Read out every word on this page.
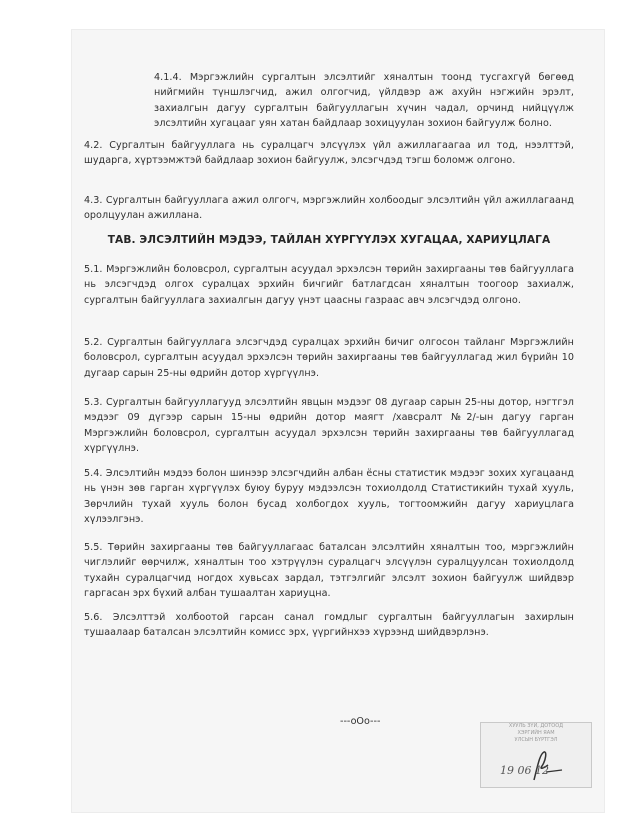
4.1.4. Мэргэжлийн сургалтын элсэлтийг хяналтын тоонд тусгахгүй бөгөөд нийгмийн түншлэгчид, ажил олгогчид, үйлдвэр аж ахуйн нэгжийн эрэлт, захиалгын дагуу сургалтын байгууллагын хүчин чадал, орчинд нийцүүлж элсэлтийн хугацааг уян хатан байдлаар зохицуулан зохион байгуулж болно.

4.2. Сургалтын байгууллага нь суралцагч элсүүлэх үйл ажиллагаагаа ил тод, нээлттэй, шударга, хүртээмжтэй байдлаар зохион байгуулж, элсэгчдэд тэгш боломж олгоно.

4.3. Сургалтын байгууллага ажил олгогч, мэргэжлийн холбоодыг элсэлтийн үйл ажиллагаанд оролцуулан ажиллана.

ТАВ. ЭЛСЭЛТИЙН МЭДЭЭ, ТАЙЛАН ХҮРГҮҮЛЭХ ХУГАЦАА, ХАРИУЦЛАГА

5.1. Мэргэжлийн боловсрол, сургалтын асуудал эрхэлсэн төрийн захиргааны төв байгууллага нь элсэгчдэд олгох суралцах эрхийн бичгийг батлагдсан хяналтын тоогоор захиалж, сургалтын байгууллага захиалгын дагуу үнэт цаасны газраас авч элсэгчдэд олгоно.

5.2. Сургалтын байгууллага элсэгчдэд суралцах эрхийн бичиг олгосон тайланг Мэргэжлийн боловсрол, сургалтын асуудал эрхэлсэн төрийн захиргааны төв байгууллагад жил бүрийн 10 дугаар сарын 25-ны өдрийн дотор хүргүүлнэ.

5.3. Сургалтын байгууллагууд элсэлтийн явцын мэдээг 08 дугаар сарын 25-ны дотор, нэгтгэл мэдээг 09 дүгээр сарын 15-ны өдрийн дотор маягт /хавсралт №2/-ын дагуу гарган Мэргэжлийн боловсрол, сургалтын асуудал эрхэлсэн төрийн захиргааны төв байгууллагад хүргүүлнэ.

5.4. Элсэлтийн мэдээ болон шинээр элсэгчдийн албан ёсны статистик мэдээг зохих хугацаанд нь үнэн зөв гарган хүргүүлэх буюу буруу мэдээлсэн тохиолдолд Статистикийн тухай хууль, Зөрчлийн тухай хууль болон бусад холбогдох хууль, тогтоомжийн дагуу хариуцлага хүлээлгэнэ.

5.5. Төрийн захиргааны төв байгууллагаас баталсан элсэлтийн хяналтын тоо, мэргэжлийн чиглэлийг өөрчилж, хяналтын тоо хэтрүүлэн суралцагч элсүүлэн суралцуулсан тохиолдолд тухайн суралцагчид ногдох хувьсах зардал, тэтгэлгийг элсэлт зохион байгуулж шийдвэр гаргасан эрх бүхий албан тушаалтан хариуцна.

5.6. Элсэлттэй холбоотой гарсан санал гомдлыг сургалтын байгууллагын захирлын тушаалаар баталсан элсэлтийн комисс эрх, үүргийнхээ хүрээнд шийдвэрлэнэ.

---oOo---	ХУУЛЬ ЗҮЙ, ДОТООД
ХЭРГИЙН ЯАМ
УЛСЫН БҮРТГЭЛ
19 06 12
